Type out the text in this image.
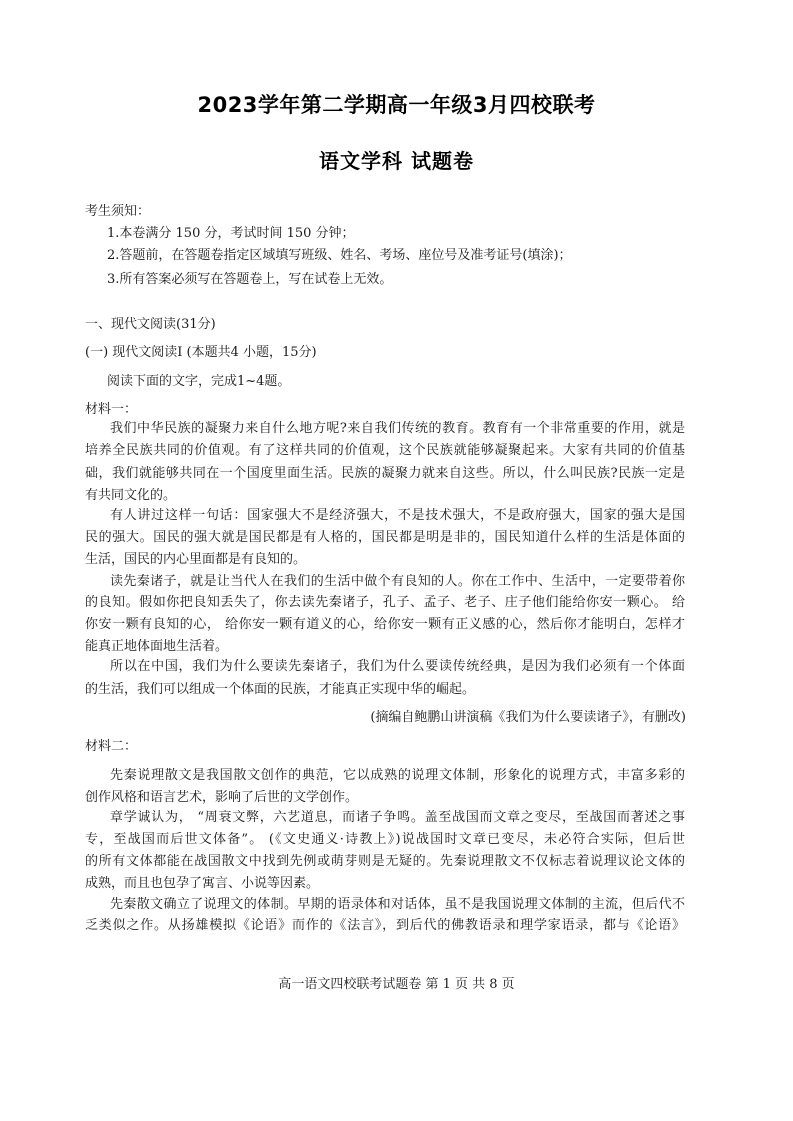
2023学年第二学期高一年级3月四校联考
语文学科 试题卷
考生须知：
1.本卷满分 150 分，考试时间 150 分钟；
2.答题前，在答题卷指定区域填写班级、姓名、考场、座位号及准考证号(填涂)；
3.所有答案必须写在答题卷上，写在试卷上无效。
一、现代文阅读(31分)
(一) 现代文阅读Ⅰ (本题共4 小题，15分)
阅读下面的文字，完成1~4题。
材料一：
我们中华民族的凝聚力来自什么地方呢?来自我们传统的教育。教育有一个非常重要的作用，就是
培养全民族共同的价值观。有了这样共同的价值观，这个民族就能够凝聚起来。大家有共同的价值基
础，我们就能够共同在一个国度里面生活。民族的凝聚力就来自这些。所以，什么叫民族?民族一定是
有共同文化的。
有人讲过这样一句话：国家强大不是经济强大，不是技术强大，不是政府强大，国家的强大是国
民的强大。国民的强大就是国民都是有人格的，国民都是明是非的，国民知道什么样的生活是体面的
生活，国民的内心里面都是有良知的。
读先秦诸子，就是让当代人在我们的生活中做个有良知的人。你在工作中、生活中，一定要带着你
的良知。假如你把良知丢失了，你去读先秦诸子，孔子、孟子、老子、庄子他们能给你安一颗心。 给
你安一颗有良知的心， 给你安一颗有道义的心，给你安一颗有正义感的心，然后你才能明白，怎样才
能真正地体面地生活着。
所以在中国，我们为什么要读先秦诸子，我们为什么要读传统经典，是因为我们必须有一个体面
的生活，我们可以组成一个体面的民族，才能真正实现中华的崛起。
(摘编自鲍鹏山讲演稿《我们为什么要读诸子》，有删改)
材料二：
先秦说理散文是我国散文创作的典范，它以成熟的说理文体制，形象化的说理方式，丰富多彩的
创作风格和语言艺术，影响了后世的文学创作。
章学诚认为， “周衰文弊，六艺道息，而诸子争鸣。盖至战国而文章之变尽，至战国而著述之事
专，至战国而后世文体备”。 (《文史通义·诗教上》)说战国时文章已变尽，未必符合实际，但后世
的所有文体都能在战国散文中找到先例或萌芽则是无疑的。先秦说理散文不仅标志着说理议论文体的
成熟，而且也包孕了寓言、小说等因素。
先秦散文确立了说理文的体制。早期的语录体和对话体，虽不是我国说理文体制的主流，但后代不
乏类似之作。从扬雄模拟《论语》而作的《法言》，到后代的佛教语录和理学家语录，都与《论语》
高一语文四校联考试题卷 第 1 页 共 8 页
